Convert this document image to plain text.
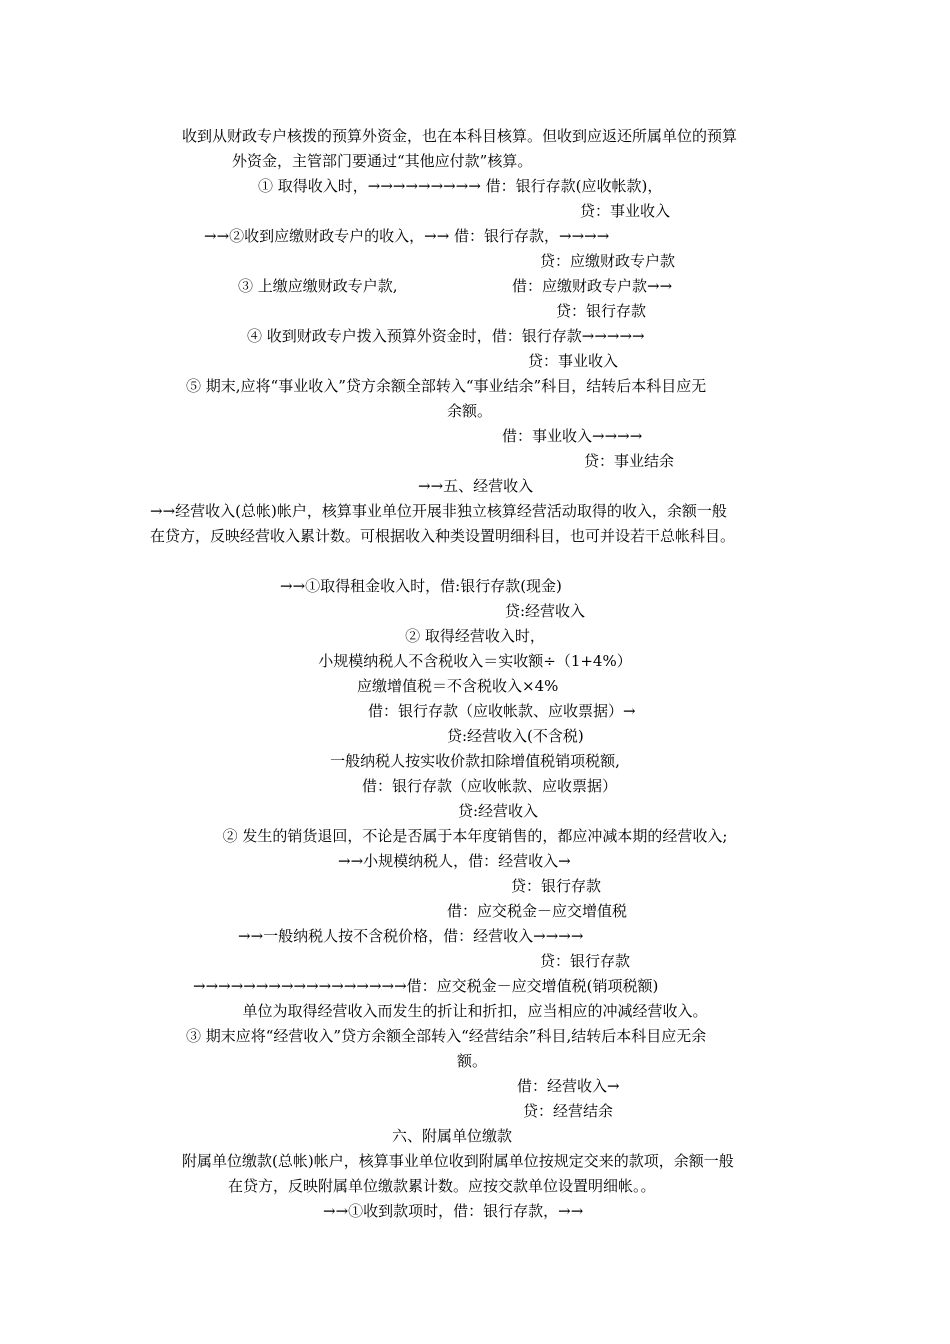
收到从财政专户核拨的预算外资金，也在本科目核算。但收到应返还所属单位的预算
外资金，主管部门要通过“其他应付款”核算。
① 取得收入时，→→→→→→→→→ 借：银行存款(应收帐款)，
贷：事业收入
→→②收到应缴财政专户的收入，→→ 借：银行存款，→→→→
贷：应缴财政专户款
③ 上缴应缴财政专户款,	借：应缴财政专户款→→
贷：银行存款
④ 收到财政专户拨入预算外资金时，借：银行存款→→→→→
贷：事业收入
⑤ 期末,应将“事业收入”贷方余额全部转入“事业结余”科目，结转后本科目应无
余额。
借：事业收入→→→→
贷：事业结余
→→五、经营收入
→→经营收入(总帐)帐户，核算事业单位开展非独立核算经营活动取得的收入，余额一般
在贷方，反映经营收入累计数。可根据收入种类设置明细科目，也可并设若干总帐科目。
→→①取得租金收入时，借:银行存款(现金)
贷:经营收入
② 取得经营收入时，
小规模纳税人不含税收入＝实收额÷（1+4%）
应缴增值税＝不含税收入×4%
借：银行存款（应收帐款、应收票据）→
贷:经营收入(不含税)
一般纳税人按实收价款扣除增值税销项税额,
借：银行存款（应收帐款、应收票据）
贷:经营收入
② 发生的销货退回，不论是否属于本年度销售的，都应冲减本期的经营收入;
→→小规模纳税人，借：经营收入→
贷：银行存款
借：应交税金－应交增值税
→→一般纳税人按不含税价格，借：经营收入→→→→
贷：银行存款
→→→→→→→→→→→→→→→→→借：应交税金－应交增值税(销项税额)
单位为取得经营收入而发生的折让和折扣，应当相应的冲减经营收入。
③ 期末应将“经营收入”贷方余额全部转入“经营结余”科目,结转后本科目应无余
额。
借：经营收入→
贷：经营结余
六、附属单位缴款
附属单位缴款(总帐)帐户，核算事业单位收到附属单位按规定交来的款项，余额一般
在贷方，反映附属单位缴款累计数。应按交款单位设置明细帐。。
→→①收到款项时，借：银行存款，→→
